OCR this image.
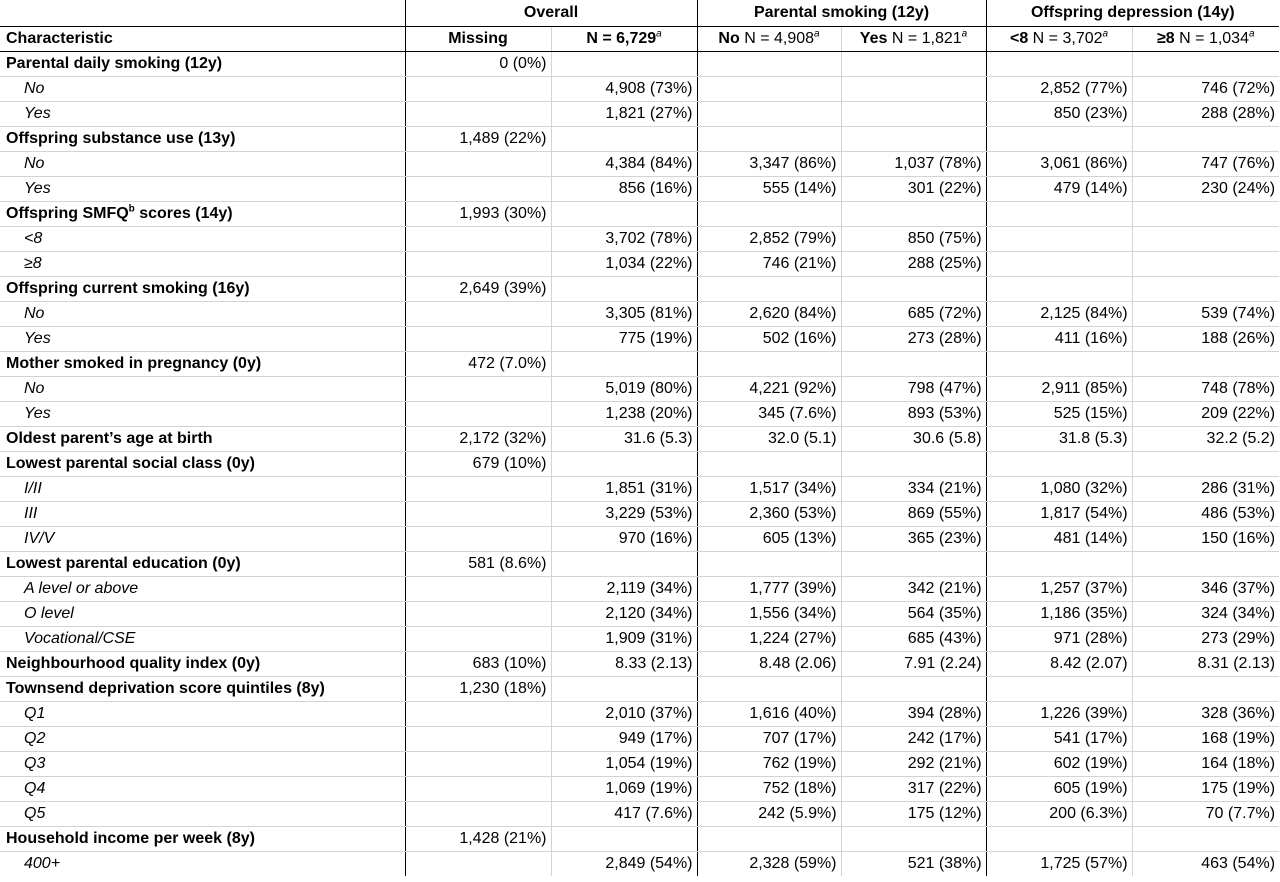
	Overall		Parental smoking (12y)		Offspring depression (14y)	
Characteristic	Missing	N = 6,729$^a$	No N = 4,908$^a$	Yes N = 1,821$^a$	<8 N = 3,702$^a$	≥8 N = 1,034$^a$
Parental daily smoking (12y)	0 (0%)					
No		4,908 (73%)			2,852 (77%)	746 (72%)
Yes		1,821 (27%)			850 (23%)	288 (28%)
Offspring substance use (13y)	1,489 (22%)					
No		4,384 (84%)	3,347 (86%)	1,037 (78%)	3,061 (86%)	747 (76%)
Yes		856 (16%)	555 (14%)	301 (22%)	479 (14%)	230 (24%)
Offspring SMFQ$^b$ scores (14y)	1,993 (30%)					
<8		3,702 (78%)	2,852 (79%)	850 (75%)		
≥8		1,034 (22%)	746 (21%)	288 (25%)		
Offspring current smoking (16y)	2,649 (39%)					
No		3,305 (81%)	2,620 (84%)	685 (72%)	2,125 (84%)	539 (74%)
Yes		775 (19%)	502 (16%)	273 (28%)	411 (16%)	188 (26%)
Mother smoked in pregnancy (0y)	472 (7.0%)					
No		5,019 (80%)	4,221 (92%)	798 (47%)	2,911 (85%)	748 (78%)
Yes		1,238 (20%)	345 (7.6%)	893 (53%)	525 (15%)	209 (22%)
Oldest parent’s age at birth	2,172 (32%)	31.6 (5.3)	32.0 (5.1)	30.6 (5.8)	31.8 (5.3)	32.2 (5.2)
Lowest parental social class (0y)	679 (10%)					
I/II		1,851 (31%)	1,517 (34%)	334 (21%)	1,080 (32%)	286 (31%)
III		3,229 (53%)	2,360 (53%)	869 (55%)	1,817 (54%)	486 (53%)
IV/V		970 (16%)	605 (13%)	365 (23%)	481 (14%)	150 (16%)
Lowest parental education (0y)	581 (8.6%)					
A level or above		2,119 (34%)	1,777 (39%)	342 (21%)	1,257 (37%)	346 (37%)
O level		2,120 (34%)	1,556 (34%)	564 (35%)	1,186 (35%)	324 (34%)
Vocational/CSE		1,909 (31%)	1,224 (27%)	685 (43%)	971 (28%)	273 (29%)
Neighbourhood quality index (0y)	683 (10%)	8.33 (2.13)	8.48 (2.06)	7.91 (2.24)	8.42 (2.07)	8.31 (2.13)
Townsend deprivation score quintiles (8y)	1,230 (18%)					
Q1		2,010 (37%)	1,616 (40%)	394 (28%)	1,226 (39%)	328 (36%)
Q2		949 (17%)	707 (17%)	242 (17%)	541 (17%)	168 (19%)
Q3		1,054 (19%)	762 (19%)	292 (21%)	602 (19%)	164 (18%)
Q4		1,069 (19%)	752 (18%)	317 (22%)	605 (19%)	175 (19%)
Q5		417 (7.6%)	242 (5.9%)	175 (12%)	200 (6.3%)	70 (7.7%)
Household income per week (8y)	1,428 (21%)					
400+		2,849 (54%)	2,328 (59%)	521 (38%)	1,725 (57%)	463 (54%)
